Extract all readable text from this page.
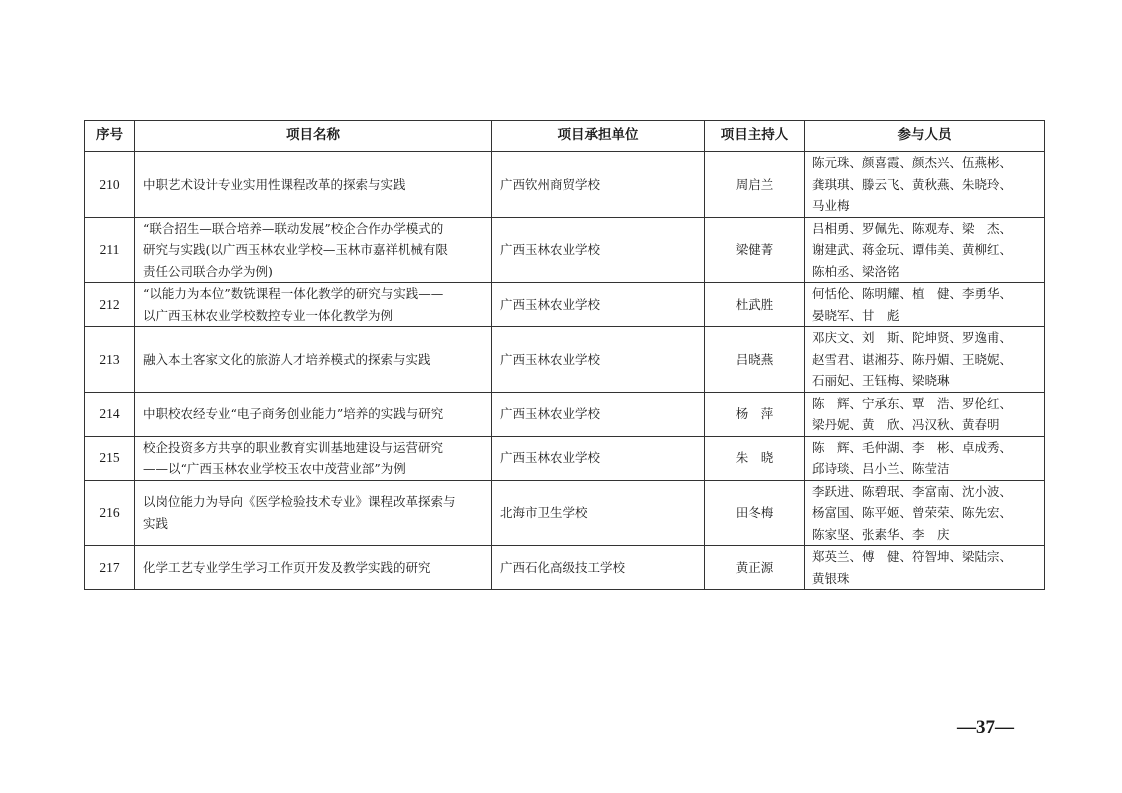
序号	项目名称	项目承担单位	项目主持人	参与人员
210	中职艺术设计专业实用性课程改革的探索与实践	广西钦州商贸学校	周启兰	陈元珠、颜喜霞、颜杰兴、伍燕彬、
龚琪琪、滕云飞、黄秋燕、朱晓玲、
马业梅
211	“联合招生—联合培养—联动发展”校企合作办学模式的
研究与实践(以广西玉林农业学校—玉林市嘉祥机械有限
责任公司联合办学为例)	广西玉林农业学校	梁健菁	吕相勇、罗佩先、陈观寿、梁　杰、
谢建武、蒋金玩、谭伟美、黄柳红、
陈柏丞、梁洛铭
212	“以能力为本位”数铣课程一体化教学的研究与实践——
以广西玉林农业学校数控专业一体化教学为例	广西玉林农业学校	杜武胜	何恬伦、陈明耀、植　健、李勇华、
晏晓军、甘　彪
213	融入本土客家文化的旅游人才培养模式的探索与实践	广西玉林农业学校	吕晓燕	邓庆文、刘　斯、陀坤贤、罗逸甫、
赵雪君、谌湘芬、陈丹媚、王晓妮、
石丽妃、王钰梅、梁晓琳
214	中职校农经专业“电子商务创业能力”培养的实践与研究	广西玉林农业学校	杨　萍	陈　辉、宁承东、覃　浩、罗伦红、
梁丹妮、黄　欣、冯汉秋、黄春明
215	校企投资多方共享的职业教育实训基地建设与运营研究
——以“广西玉林农业学校玉农中茂营业部”为例	广西玉林农业学校	朱　晓	陈　辉、毛仲湖、李　彬、卓成秀、
邱诗琰、吕小兰、陈莹洁
216	以岗位能力为导向《医学检验技术专业》课程改革探索与
实践	北海市卫生学校	田冬梅	李跃进、陈碧珉、李富南、沈小波、
杨富国、陈平姬、曾荣荣、陈先宏、
陈家坚、张素华、李　庆
217	化学工艺专业学生学习工作页开发及教学实践的研究	广西石化高级技工学校	黄正源	郑英兰、傅　健、符智坤、梁陆宗、
黄银珠
—37—
